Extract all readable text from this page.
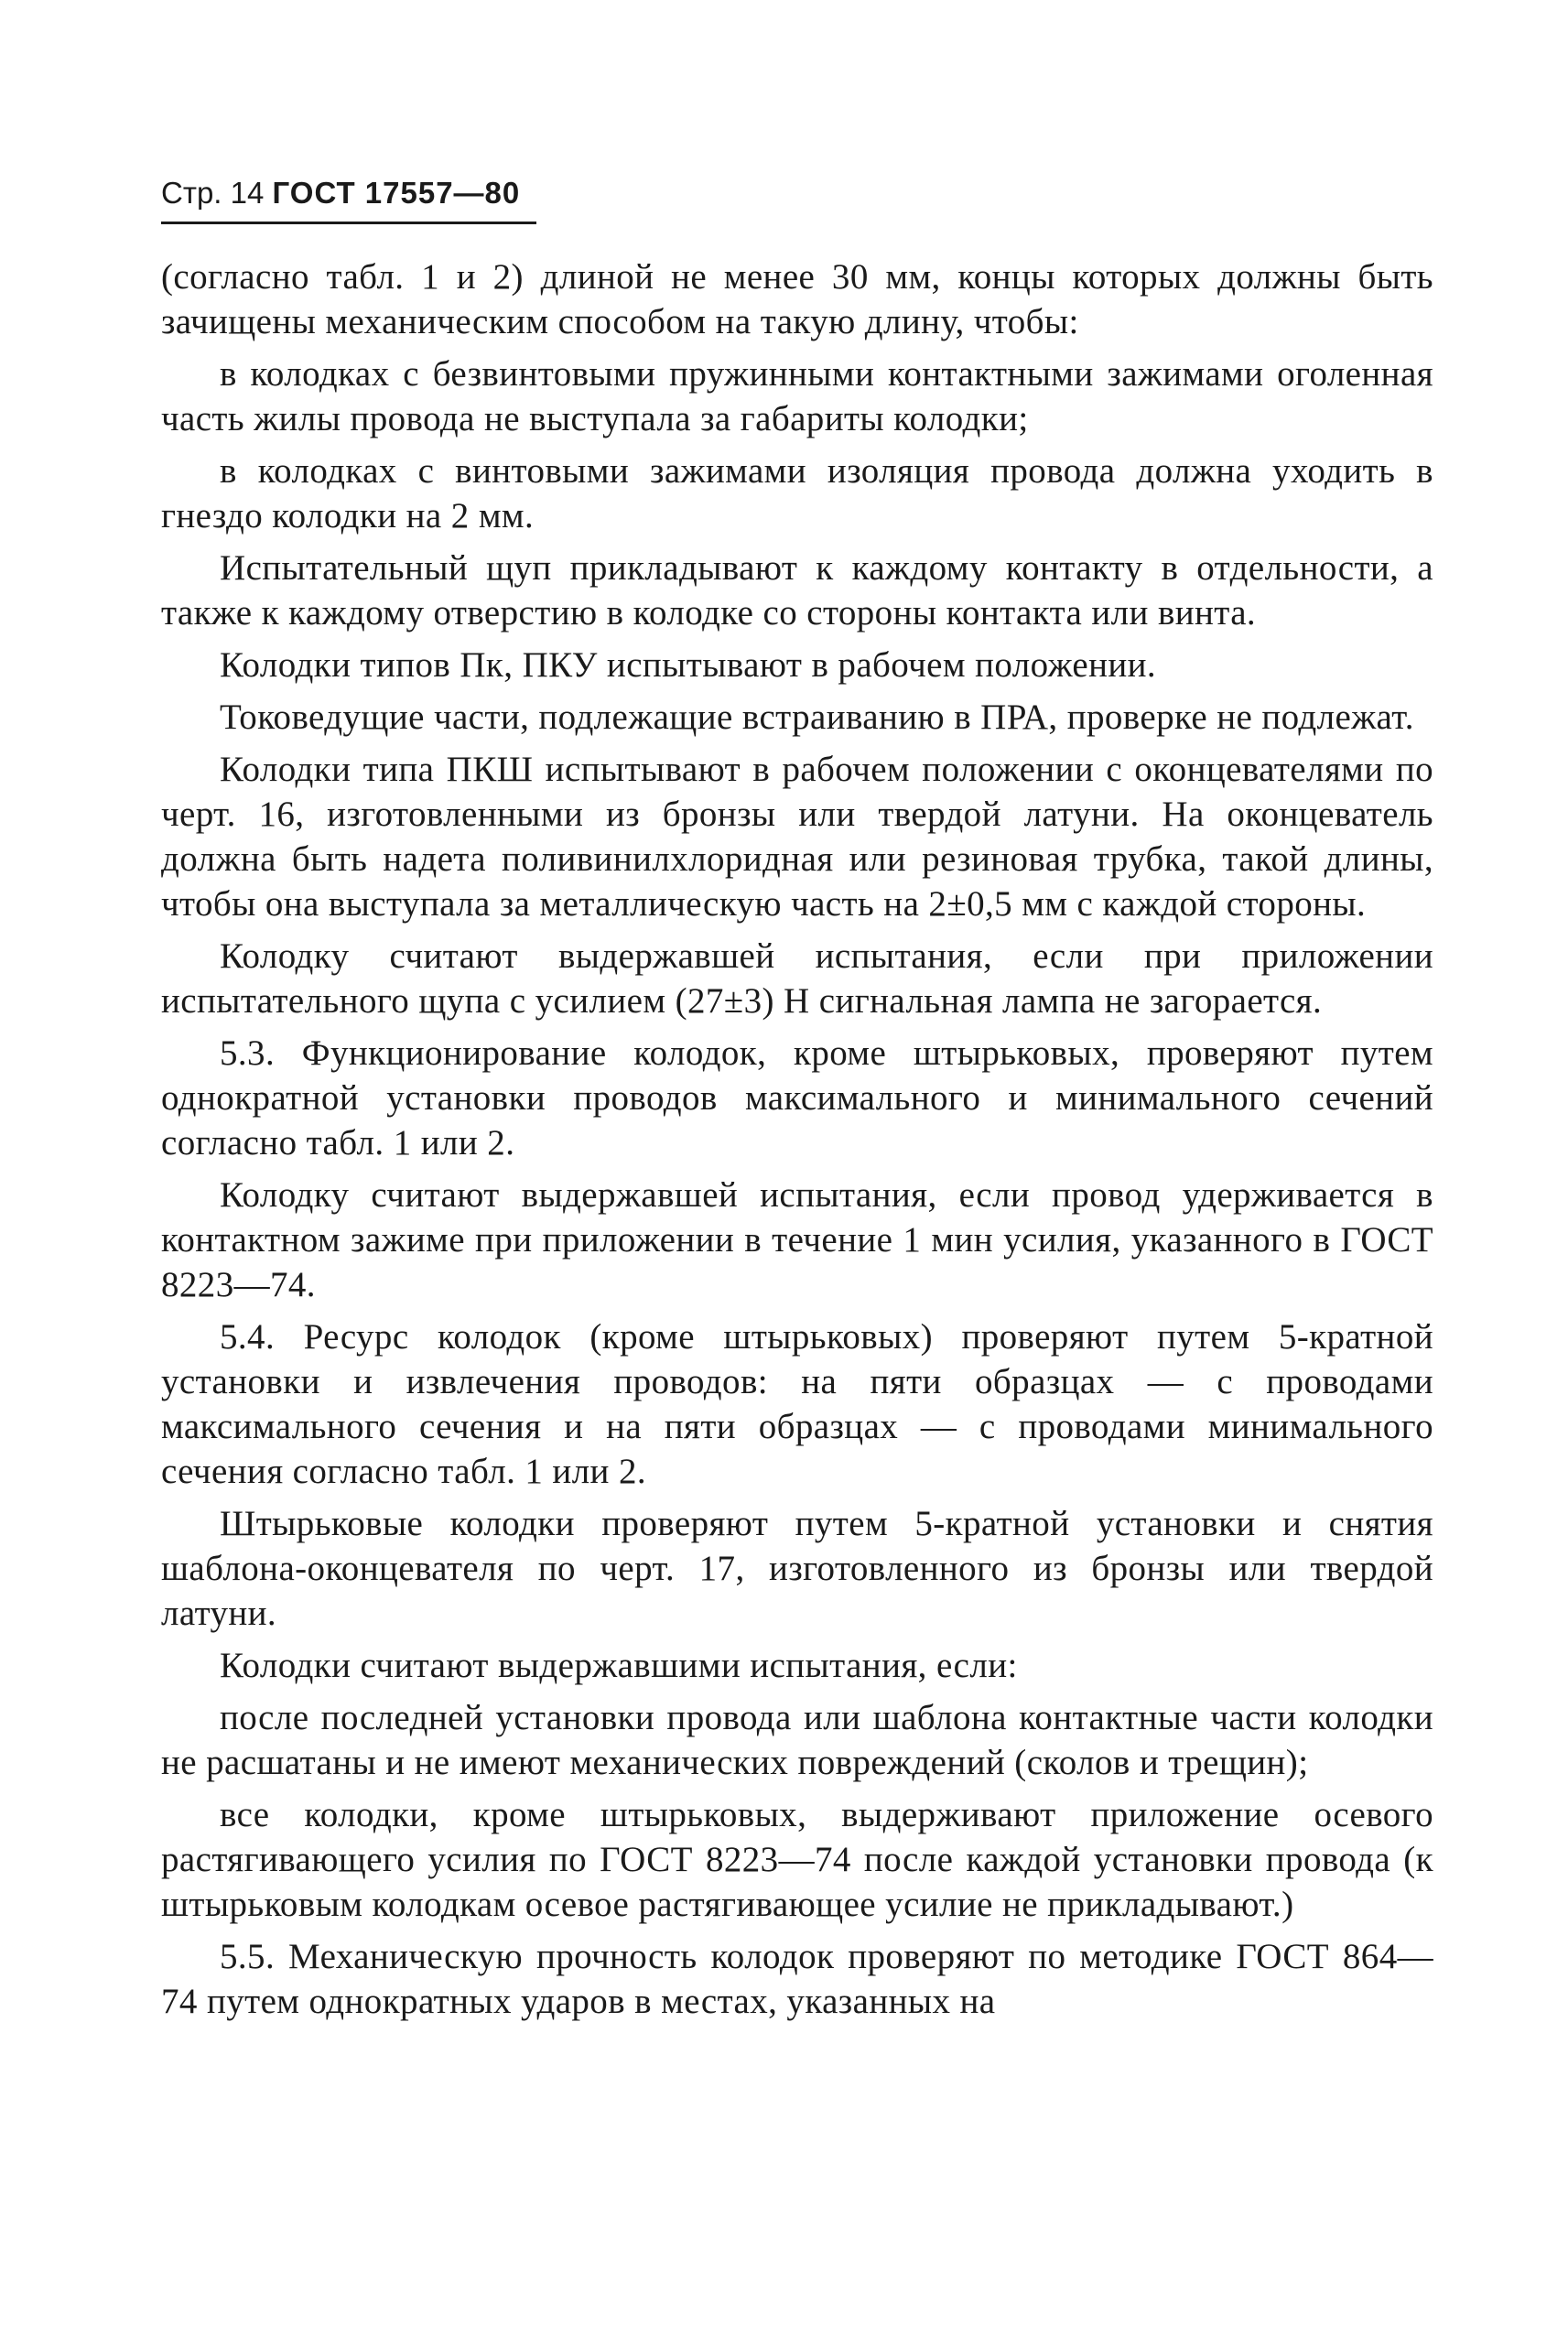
Стр. 14 ГОСТ 17557—80

(согласно табл. 1 и 2) длиной не менее 30 мм, концы которых должны быть зачищены механическим способом на такую длину, чтобы:

в колодках с безвинтовыми пружинными контактными зажимами оголенная часть жилы провода не выступала за габариты колодки;

в колодках с винтовыми зажимами изоляция провода должна уходить в гнездо колодки на 2 мм.

Испытательный щуп прикладывают к каждому контакту в отдельности, а также к каждому отверстию в колодке со стороны контакта или винта.

Колодки типов Пк, ПКУ испытывают в рабочем положении.

Токоведущие части, подлежащие встраиванию в ПРА, проверке не подлежат.

Колодки типа ПКШ испытывают в рабочем положении с оконцевателями по черт. 16, изготовленными из бронзы или твердой латуни. На оконцеватель должна быть надета поливинилхлоридная или резиновая трубка, такой длины, чтобы она выступала за металлическую часть на 2±0,5 мм с каждой стороны.

Колодку считают выдержавшей испытания, если при приложении испытательного щупа с усилием (27±3) Н сигнальная лампа не загорается.

5.3. Функционирование колодок, кроме штырьковых, проверяют путем однократной установки проводов максимального и минимального сечений согласно табл. 1 или 2.

Колодку считают выдержавшей испытания, если провод удерживается в контактном зажиме при приложении в течение 1 мин усилия, указанного в ГОСТ 8223—74.

5.4. Ресурс колодок (кроме штырьковых) проверяют путем 5-кратной установки и извлечения проводов: на пяти образцах — с проводами максимального сечения и на пяти образцах — с проводами минимального сечения согласно табл. 1 или 2.

Штырьковые колодки проверяют путем 5-кратной установки и снятия шаблона-оконцевателя по черт. 17, изготовленного из бронзы или твердой латуни.

Колодки считают выдержавшими испытания, если:

после последней установки провода или шаблона контактные части колодки не расшатаны и не имеют механических повреждений (сколов и трещин);

все колодки, кроме штырьковых, выдерживают приложение осевого растягивающего усилия по ГОСТ 8223—74 после каждой установки провода (к штырьковым колодкам осевое растягивающее усилие не прикладывают.)

5.5. Механическую прочность колодок проверяют по методике ГОСТ 864—74 путем однократных ударов в местах, указанных на
